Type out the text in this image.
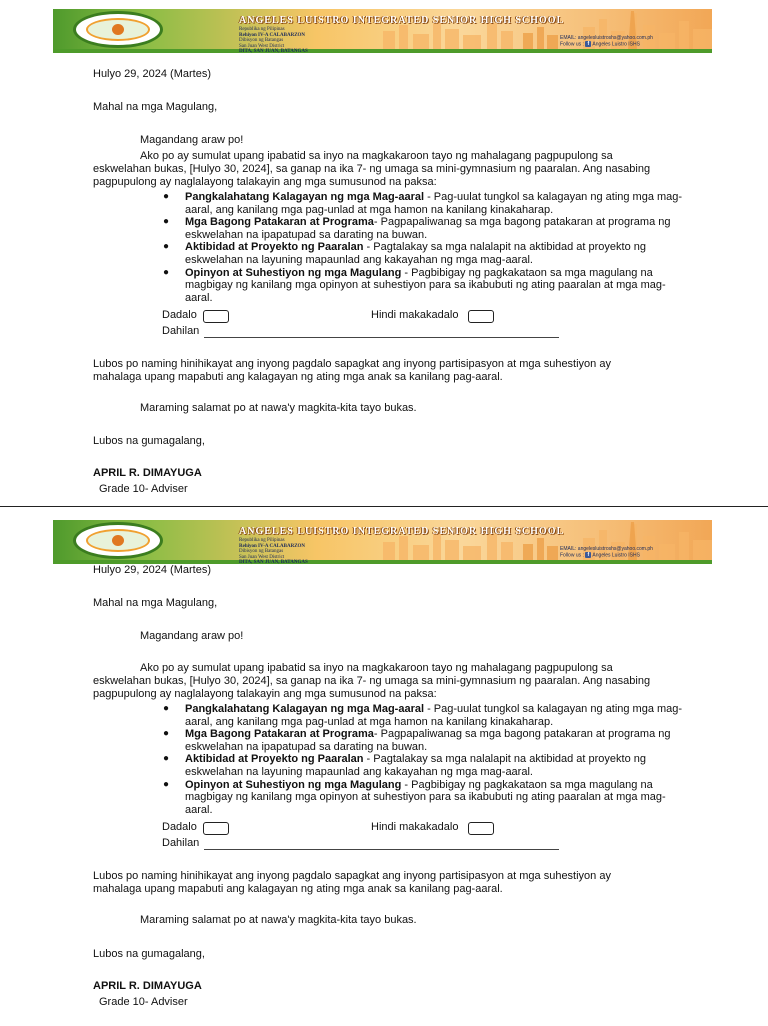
ANGELES LUISTRO INTEGRATED SENIOR HIGH SCHOOL
Republika ng Pilipinas
Rehiyon IV-A CALABARZON
Dibisyon ng Batangas
San Juan West District
DITA, SAN JUAN, BATANGAS
EMAIL: angelesluistroshs@yahoo.com.ph
Follow us : f Angeles Luistro ISHS
Hulyo 29, 2024 (Martes)
Mahal na mga Magulang,
Magandang araw po!
Ako po ay sumulat upang ipabatid sa inyo na magkakaroon tayo ng mahalagang pagpupulong sa eskwelahan bukas, [Hulyo 30, 2024], sa ganap na ika 7- ng umaga sa mini-gymnasium ng paaralan. Ang nasabing pagpupulong ay naglalayong talakayin ang mga sumusunod na paksa:
● Pangkalahatang Kalagayan ng mga Mag-aaral - Pag-uulat tungkol sa kalagayan ng ating mga mag-aaral, ang kanilang mga pag-unlad at mga hamon na kanilang kinakaharap.
● Mga Bagong Patakaran at Programa- Pagpapaliwanag sa mga bagong patakaran at programa ng eskwelahan na ipapatupad sa darating na buwan.
● Aktibidad at Proyekto ng Paaralan - Pagtalakay sa mga nalalapit na aktibidad at proyekto ng eskwelahan na layuning mapaunlad ang kakayahan ng mga mag-aaral.
● Opinyon at Suhestiyon ng mga Magulang - Pagbibigay ng pagkakataon sa mga magulang na magbigay ng kanilang mga opinyon at suhestiyon para sa ikabubuti ng ating paaralan at mga mag-aaral.
Dadalo	Hindi makakadalo
Dahilan
Lubos po naming hinihikayat ang inyong pagdalo sapagkat ang inyong partisipasyon at mga suhestiyon ay mahalaga upang mapabuti ang kalagayan ng ating mga anak sa kanilang pag-aaral.
Maraming salamat po at nawa'y magkita-kita tayo bukas.
Lubos na gumagalang,
APRIL R. DIMAYUGA
Grade 10- Adviser
ANGELES LUISTRO INTEGRATED SENIOR HIGH SCHOOL
Republika ng Pilipinas
Rehiyon IV-A CALABARZON
Dibisyon ng Batangas
San Juan West District
DITA, SAN JUAN, BATANGAS
EMAIL: angelesluistroshs@yahoo.com.ph
Follow us : f Angeles Luistro ISHS
Hulyo 29, 2024 (Martes)
Mahal na mga Magulang,
Magandang araw po!
Ako po ay sumulat upang ipabatid sa inyo na magkakaroon tayo ng mahalagang pagpupulong sa eskwelahan bukas, [Hulyo 30, 2024], sa ganap na ika 7- ng umaga sa mini-gymnasium ng paaralan. Ang nasabing pagpupulong ay naglalayong talakayin ang mga sumusunod na paksa:
● Pangkalahatang Kalagayan ng mga Mag-aaral - Pag-uulat tungkol sa kalagayan ng ating mga mag-aaral, ang kanilang mga pag-unlad at mga hamon na kanilang kinakaharap.
● Mga Bagong Patakaran at Programa- Pagpapaliwanag sa mga bagong patakaran at programa ng eskwelahan na ipapatupad sa darating na buwan.
● Aktibidad at Proyekto ng Paaralan - Pagtalakay sa mga nalalapit na aktibidad at proyekto ng eskwelahan na layuning mapaunlad ang kakayahan ng mga mag-aaral.
● Opinyon at Suhestiyon ng mga Magulang - Pagbibigay ng pagkakataon sa mga magulang na magbigay ng kanilang mga opinyon at suhestiyon para sa ikabubuti ng ating paaralan at mga mag-aaral.
Dadalo	Hindi makakadalo
Dahilan
Lubos po naming hinihikayat ang inyong pagdalo sapagkat ang inyong partisipasyon at mga suhestiyon ay mahalaga upang mapabuti ang kalagayan ng ating mga anak sa kanilang pag-aaral.
Maraming salamat po at nawa'y magkita-kita tayo bukas.
Lubos na gumagalang,
APRIL R. DIMAYUGA
Grade 10- Adviser
